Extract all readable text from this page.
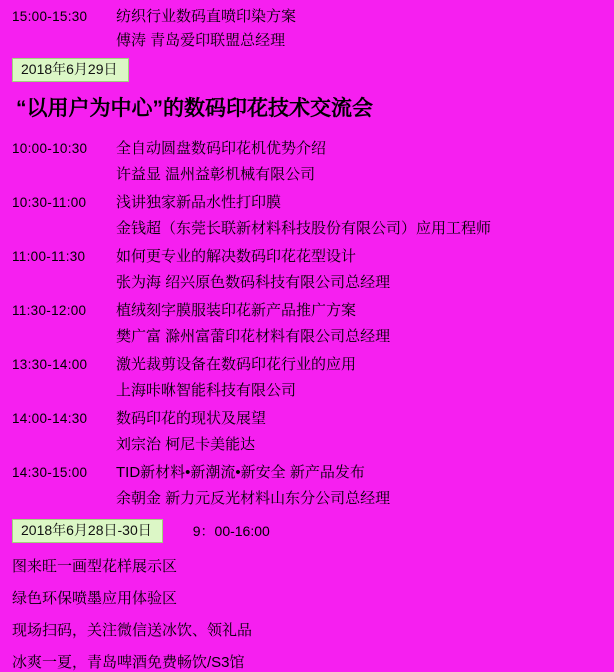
15:00-15:30	纺织行业数码直喷印染方案
傅涛 青岛爱印联盟总经理
2018年6月29日
“以用户为中心”的数码印花技术交流会
10:00-10:30	全自动圆盘数码印花机优势介绍
许益显 温州益彰机械有限公司
10:30-11:00	浅讲独家新品水性打印膜
金钱超（东莞长联新材料科技股份有限公司）应用工程师
11:00-11:30	如何更专业的解决数码印花花型设计
张为海 绍兴原色数码科技有限公司总经理
11:30-12:00	植绒刻字膜服装印花新产品推广方案
樊广富 滁州富蕾印花材料有限公司总经理
13:30-14:00	激光裁剪设备在数码印花行业的应用
上海咔咻智能科技有限公司
14:00-14:30	数码印花的现状及展望
刘宗治 柯尼卡美能达
14:30-15:00	TID新材料•新潮流•新安全 新产品发布
余朝金 新力元反光材料山东分公司总经理
2018年6月28日-30日	9：00-16:00
图来旺一画型花样展示区
绿色环保喷墨应用体验区
现场扫码，关注微信送冰饮、领礼品
冰爽一夏，青岛啤酒免费畅饮/S3馆
